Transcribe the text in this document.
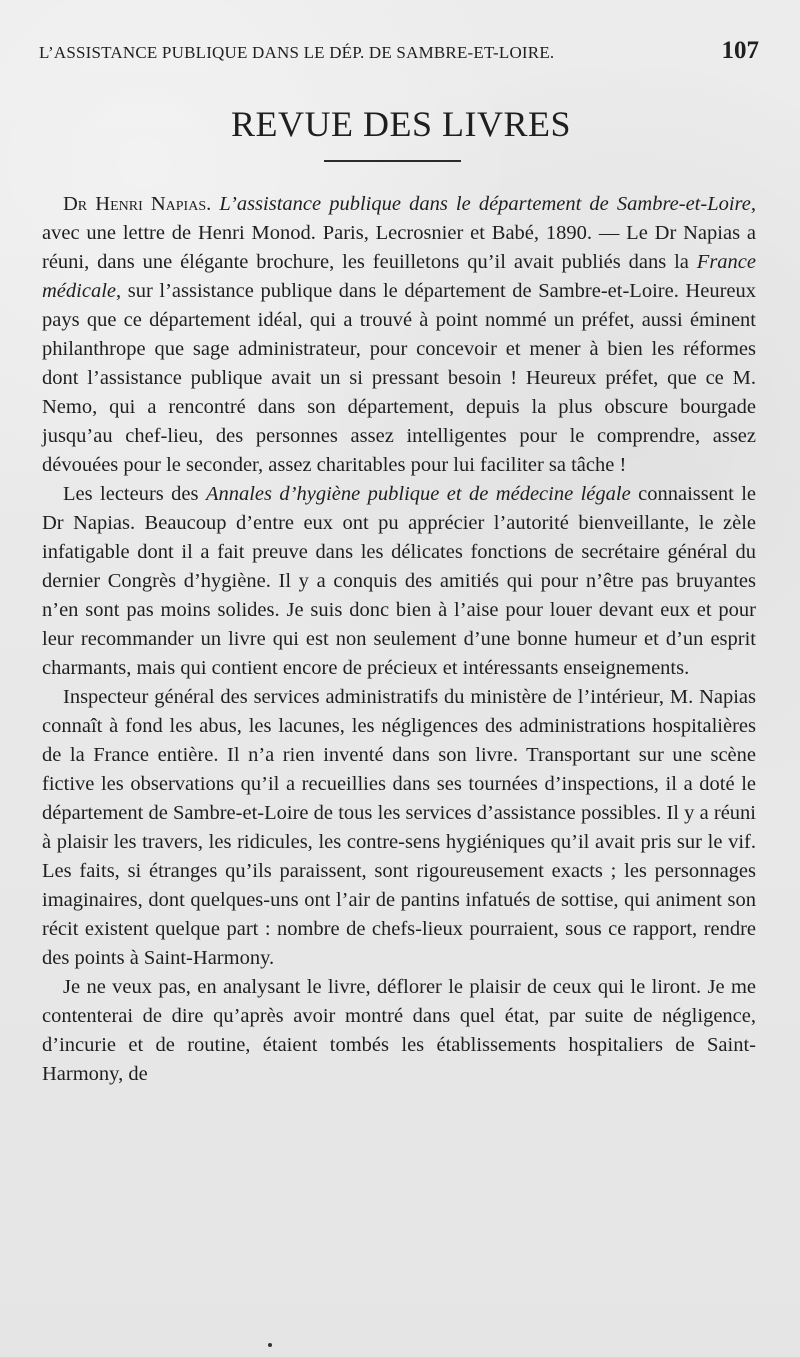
L’ASSISTANCE PUBLIQUE DANS LE DÉP. DE SAMBRE-ET-LOIRE.	107
REVUE DES LIVRES

Dr Henri Napias. L’assistance publique dans le département de Sambre-et-Loire, avec une lettre de Henri Monod. Paris, Lecrosnier et Babé, 1890. — Le Dr Napias a réuni, dans une élégante brochure, les feuilletons qu’il avait publiés dans la France médicale, sur l’assistance publique dans le département de Sambre-et-Loire. Heureux pays que ce département idéal, qui a trouvé à point nommé un préfet, aussi éminent philanthrope que sage administrateur, pour concevoir et mener à bien les réformes dont l’assistance publique avait un si pressant besoin ! Heureux préfet, que ce M. Nemo, qui a rencontré dans son département, depuis la plus obscure bourgade jusqu’au chef-lieu, des personnes assez intelligentes pour le comprendre, assez dévouées pour le seconder, assez charitables pour lui faciliter sa tâche !

Les lecteurs des Annales d’hygiène publique et de médecine légale connaissent le Dr Napias. Beaucoup d’entre eux ont pu apprécier l’autorité bienveillante, le zèle infatigable dont il a fait preuve dans les délicates fonctions de secrétaire général du dernier Congrès d’hygiène. Il y a conquis des amitiés qui pour n’être pas bruyantes n’en sont pas moins solides. Je suis donc bien à l’aise pour louer devant eux et pour leur recommander un livre qui est non seulement d’une bonne humeur et d’un esprit charmants, mais qui contient encore de précieux et intéressants enseignements.

Inspecteur général des services administratifs du ministère de l’intérieur, M. Napias connaît à fond les abus, les lacunes, les négligences des administrations hospitalières de la France entière. Il n’a rien inventé dans son livre. Transportant sur une scène fictive les observations qu’il a recueillies dans ses tournées d’inspections, il a doté le département de Sambre-et-Loire de tous les services d’assistance possibles. Il y a réuni à plaisir les travers, les ridicules, les contre-sens hygiéniques qu’il avait pris sur le vif. Les faits, si étranges qu’ils paraissent, sont rigoureusement exacts ; les personnages imaginaires, dont quelques-uns ont l’air de pantins infatués de sottise, qui animent son récit existent quelque part : nombre de chefs-lieux pourraient, sous ce rapport, rendre des points à Saint-Harmony.

Je ne veux pas, en analysant le livre, déflorer le plaisir de ceux qui le liront. Je me contenterai de dire qu’après avoir montré dans quel état, par suite de négligence, d’incurie et de routine, étaient tombés les établissements hospitaliers de Saint-Harmony, de
